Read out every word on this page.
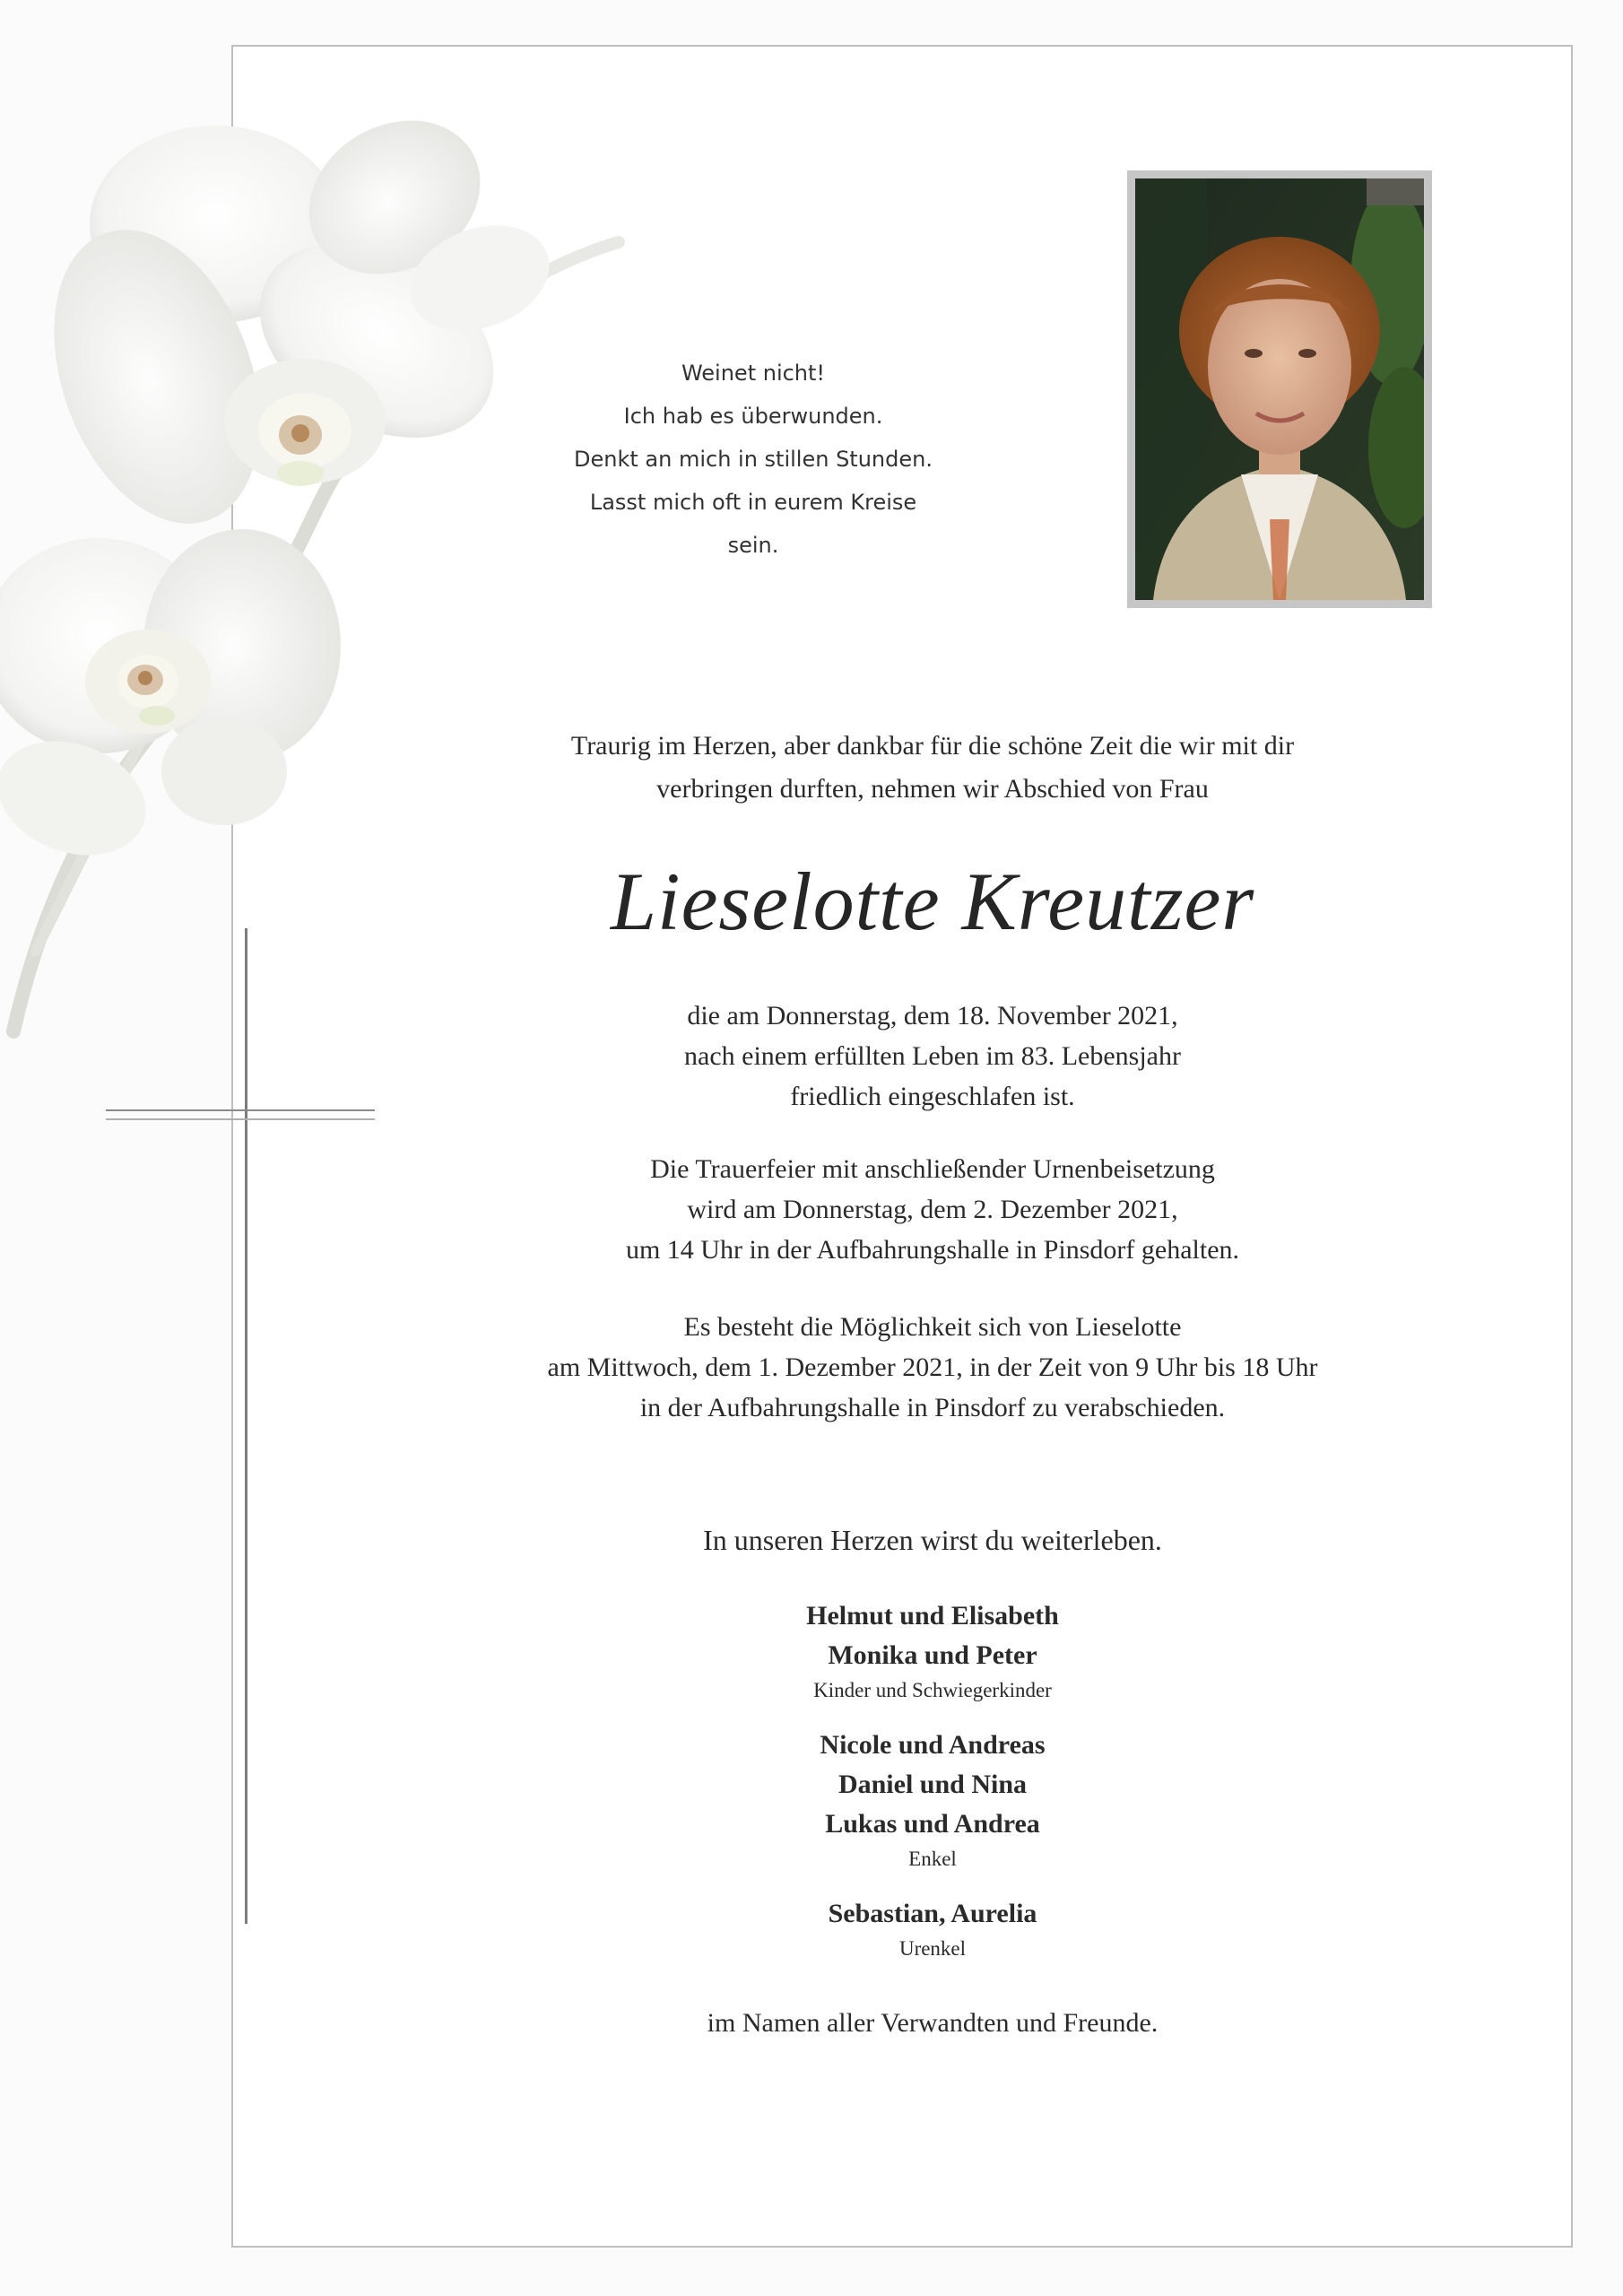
Weinet nicht!
Ich hab es überwunden.
Denkt an mich in stillen Stunden.
Lasst mich oft in eurem Kreise
sein.
Traurig im Herzen, aber dankbar für die schöne Zeit die wir mit dir
verbringen durften, nehmen wir Abschied von Frau
Lieselotte Kreutzer
die am Donnerstag, dem 18. November 2021,
nach einem erfüllten Leben im 83. Lebensjahr
friedlich eingeschlafen ist.
Die Trauerfeier mit anschließender Urnenbeisetzung
wird am Donnerstag, dem 2. Dezember 2021,
um 14 Uhr in der Aufbahrungshalle in Pinsdorf gehalten.
Es besteht die Möglichkeit sich von Lieselotte
am Mittwoch, dem 1. Dezember 2021, in der Zeit von 9 Uhr bis 18 Uhr
in der Aufbahrungshalle in Pinsdorf zu verabschieden.
In unseren Herzen wirst du weiterleben.
Helmut und Elisabeth
Monika und Peter
Kinder und Schwiegerkinder
Nicole und Andreas
Daniel und Nina
Lukas und Andrea
Enkel
Sebastian, Aurelia
Urenkel
im Namen aller Verwandten und Freunde.
